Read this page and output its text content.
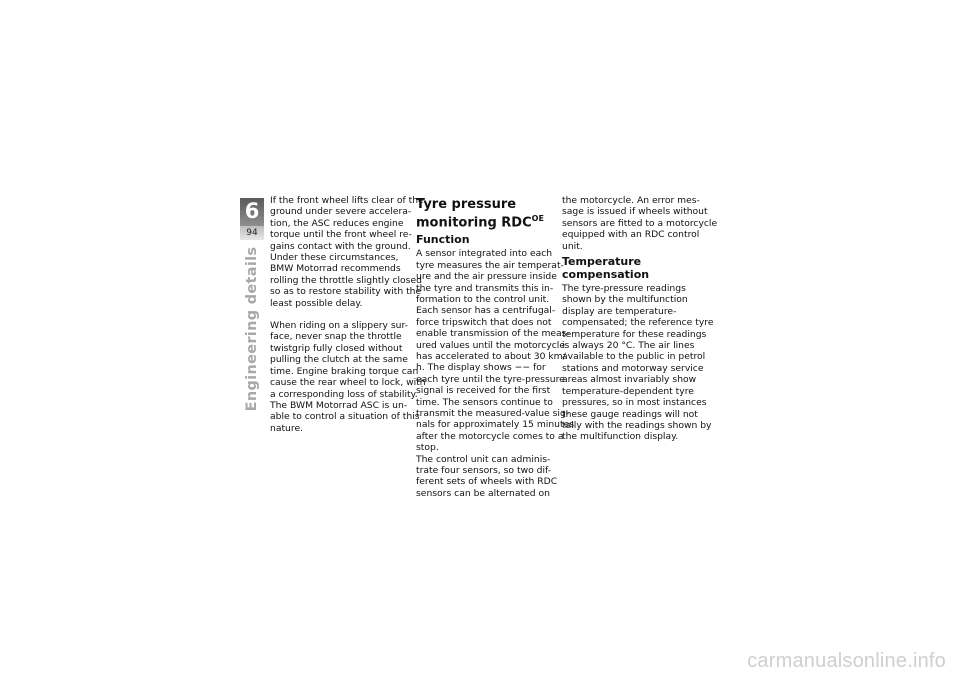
6
94
Engineering details

If the front wheel lifts clear of the
ground under severe accelera-
tion, the ASC reduces engine
torque until the front wheel re-
gains contact with the ground.
Under these circumstances,
BMW Motorrad recommends
rolling the throttle slightly closed
so as to restore stability with the
least possible delay.

When riding on a slippery sur-
face, never snap the throttle
twistgrip fully closed without
pulling the clutch at the same
time. Engine braking torque can
cause the rear wheel to lock, with
a corresponding loss of stability.
The BWM Motorrad ASC is un-
able to control a situation of this
nature.

Tyre pressure
monitoring $RDC^{OE}$
Function

A sensor integrated into each
tyre measures the air temperat-
ure and the air pressure inside
the tyre and transmits this in-
formation to the control unit.
Each sensor has a centrifugal-
force tripswitch that does not
enable transmission of the meas-
ured values until the motorcycle
has accelerated to about 30 km/
h. The display shows −− for
each tyre until the tyre-pressure
signal is received for the first
time. The sensors continue to
transmit the measured-value sig-
nals for approximately 15 minutes
after the motorcycle comes to a
stop.
The control unit can adminis-
trate four sensors, so two dif-
ferent sets of wheels with RDC
sensors can be alternated on

the motorcycle. An error mes-
sage is issued if wheels without
sensors are fitted to a motorcycle
equipped with an RDC control
unit.

Temperature
compensation

The tyre-pressure readings
shown by the multifunction
display are temperature-
compensated; the reference tyre
temperature for these readings
is always 20 °C. The air lines
available to the public in petrol
stations and motorway service
areas almost invariably show
temperature-dependent tyre
pressures, so in most instances
these gauge readings will not
tally with the readings shown by
the multifunction display.

carmanualsonline.info
